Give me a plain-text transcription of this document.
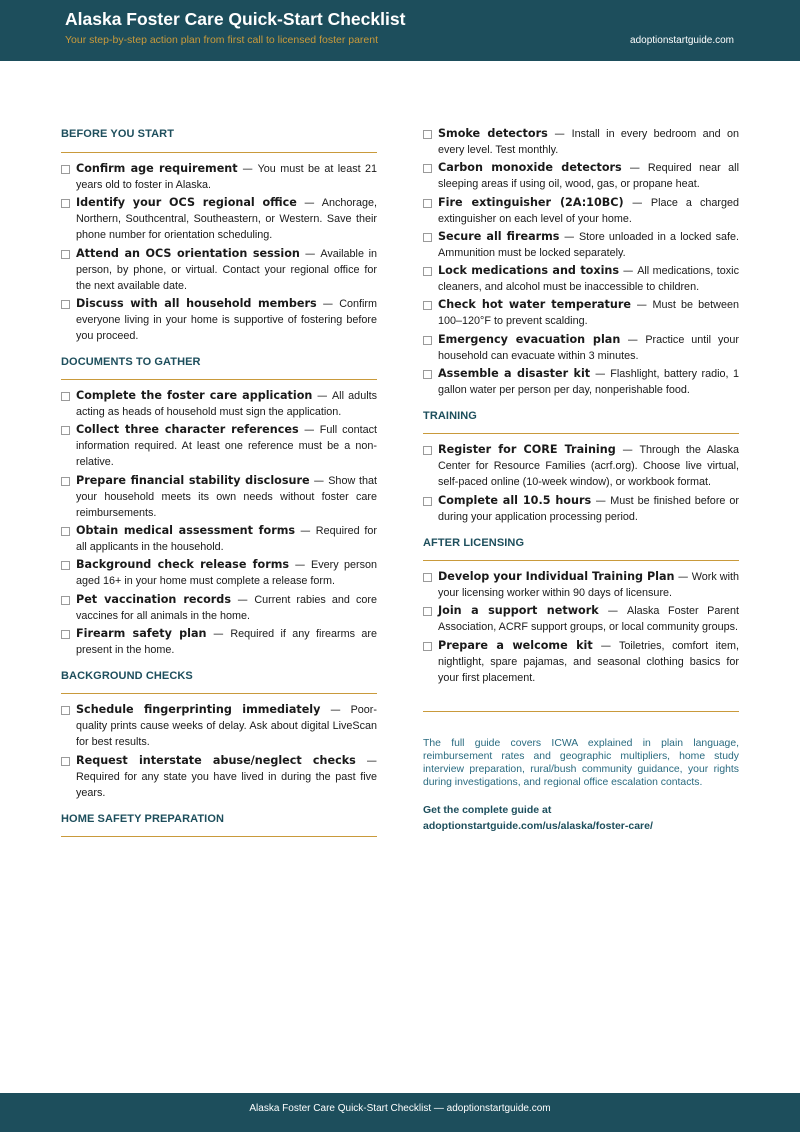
Alaska Foster Care Quick-Start Checklist
Your step-by-step action plan from first call to licensed foster parent	adoptionstartguide.com
BEFORE YOU START
Confirm age requirement — You must be at least 21 years old to foster in Alaska.
Identify your OCS regional office — Anchorage, Northern, Southcentral, Southeastern, or Western. Save their phone number for orientation scheduling.
Attend an OCS orientation session — Available in person, by phone, or virtual. Contact your regional office for the next available date.
Discuss with all household members — Confirm everyone living in your home is supportive of fostering before you proceed.
DOCUMENTS TO GATHER
Complete the foster care application — All adults acting as heads of household must sign the application.
Collect three character references — Full contact information required. At least one reference must be a non-relative.
Prepare financial stability disclosure — Show that your household meets its own needs without foster care reimbursements.
Obtain medical assessment forms — Required for all applicants in the household.
Background check release forms — Every person aged 16+ in your home must complete a release form.
Pet vaccination records — Current rabies and core vaccines for all animals in the home.
Firearm safety plan — Required if any firearms are present in the home.
BACKGROUND CHECKS
Schedule fingerprinting immediately — Poor-quality prints cause weeks of delay. Ask about digital LiveScan for best results.
Request interstate abuse/neglect checks — Required for any state you have lived in during the past five years.
HOME SAFETY PREPARATION
Smoke detectors — Install in every bedroom and on every level. Test monthly.
Carbon monoxide detectors — Required near all sleeping areas if using oil, wood, gas, or propane heat.
Fire extinguisher (2A:10BC) — Place a charged extinguisher on each level of your home.
Secure all firearms — Store unloaded in a locked safe. Ammunition must be locked separately.
Lock medications and toxins — All medications, toxic cleaners, and alcohol must be inaccessible to children.
Check hot water temperature — Must be between 100–120°F to prevent scalding.
Emergency evacuation plan — Practice until your household can evacuate within 3 minutes.
Assemble a disaster kit — Flashlight, battery radio, 1 gallon water per person per day, nonperishable food.
TRAINING
Register for CORE Training — Through the Alaska Center for Resource Families (acrf.org). Choose live virtual, self-paced online (10-week window), or workbook format.
Complete all 10.5 hours — Must be finished before or during your application processing period.
AFTER LICENSING
Develop your Individual Training Plan — Work with your licensing worker within 90 days of licensure.
Join a support network — Alaska Foster Parent Association, ACRF support groups, or local community groups.
Prepare a welcome kit — Toiletries, comfort item, nightlight, spare pajamas, and seasonal clothing basics for your first placement.

The full guide covers ICWA explained in plain language, reimbursement rates and geographic multipliers, home study interview preparation, rural/bush community guidance, your rights during investigations, and regional office escalation contacts.

Get the complete guide at
adoptionstartguide.com/us/alaska/foster-care/
Alaska Foster Care Quick-Start Checklist — adoptionstartguide.com
